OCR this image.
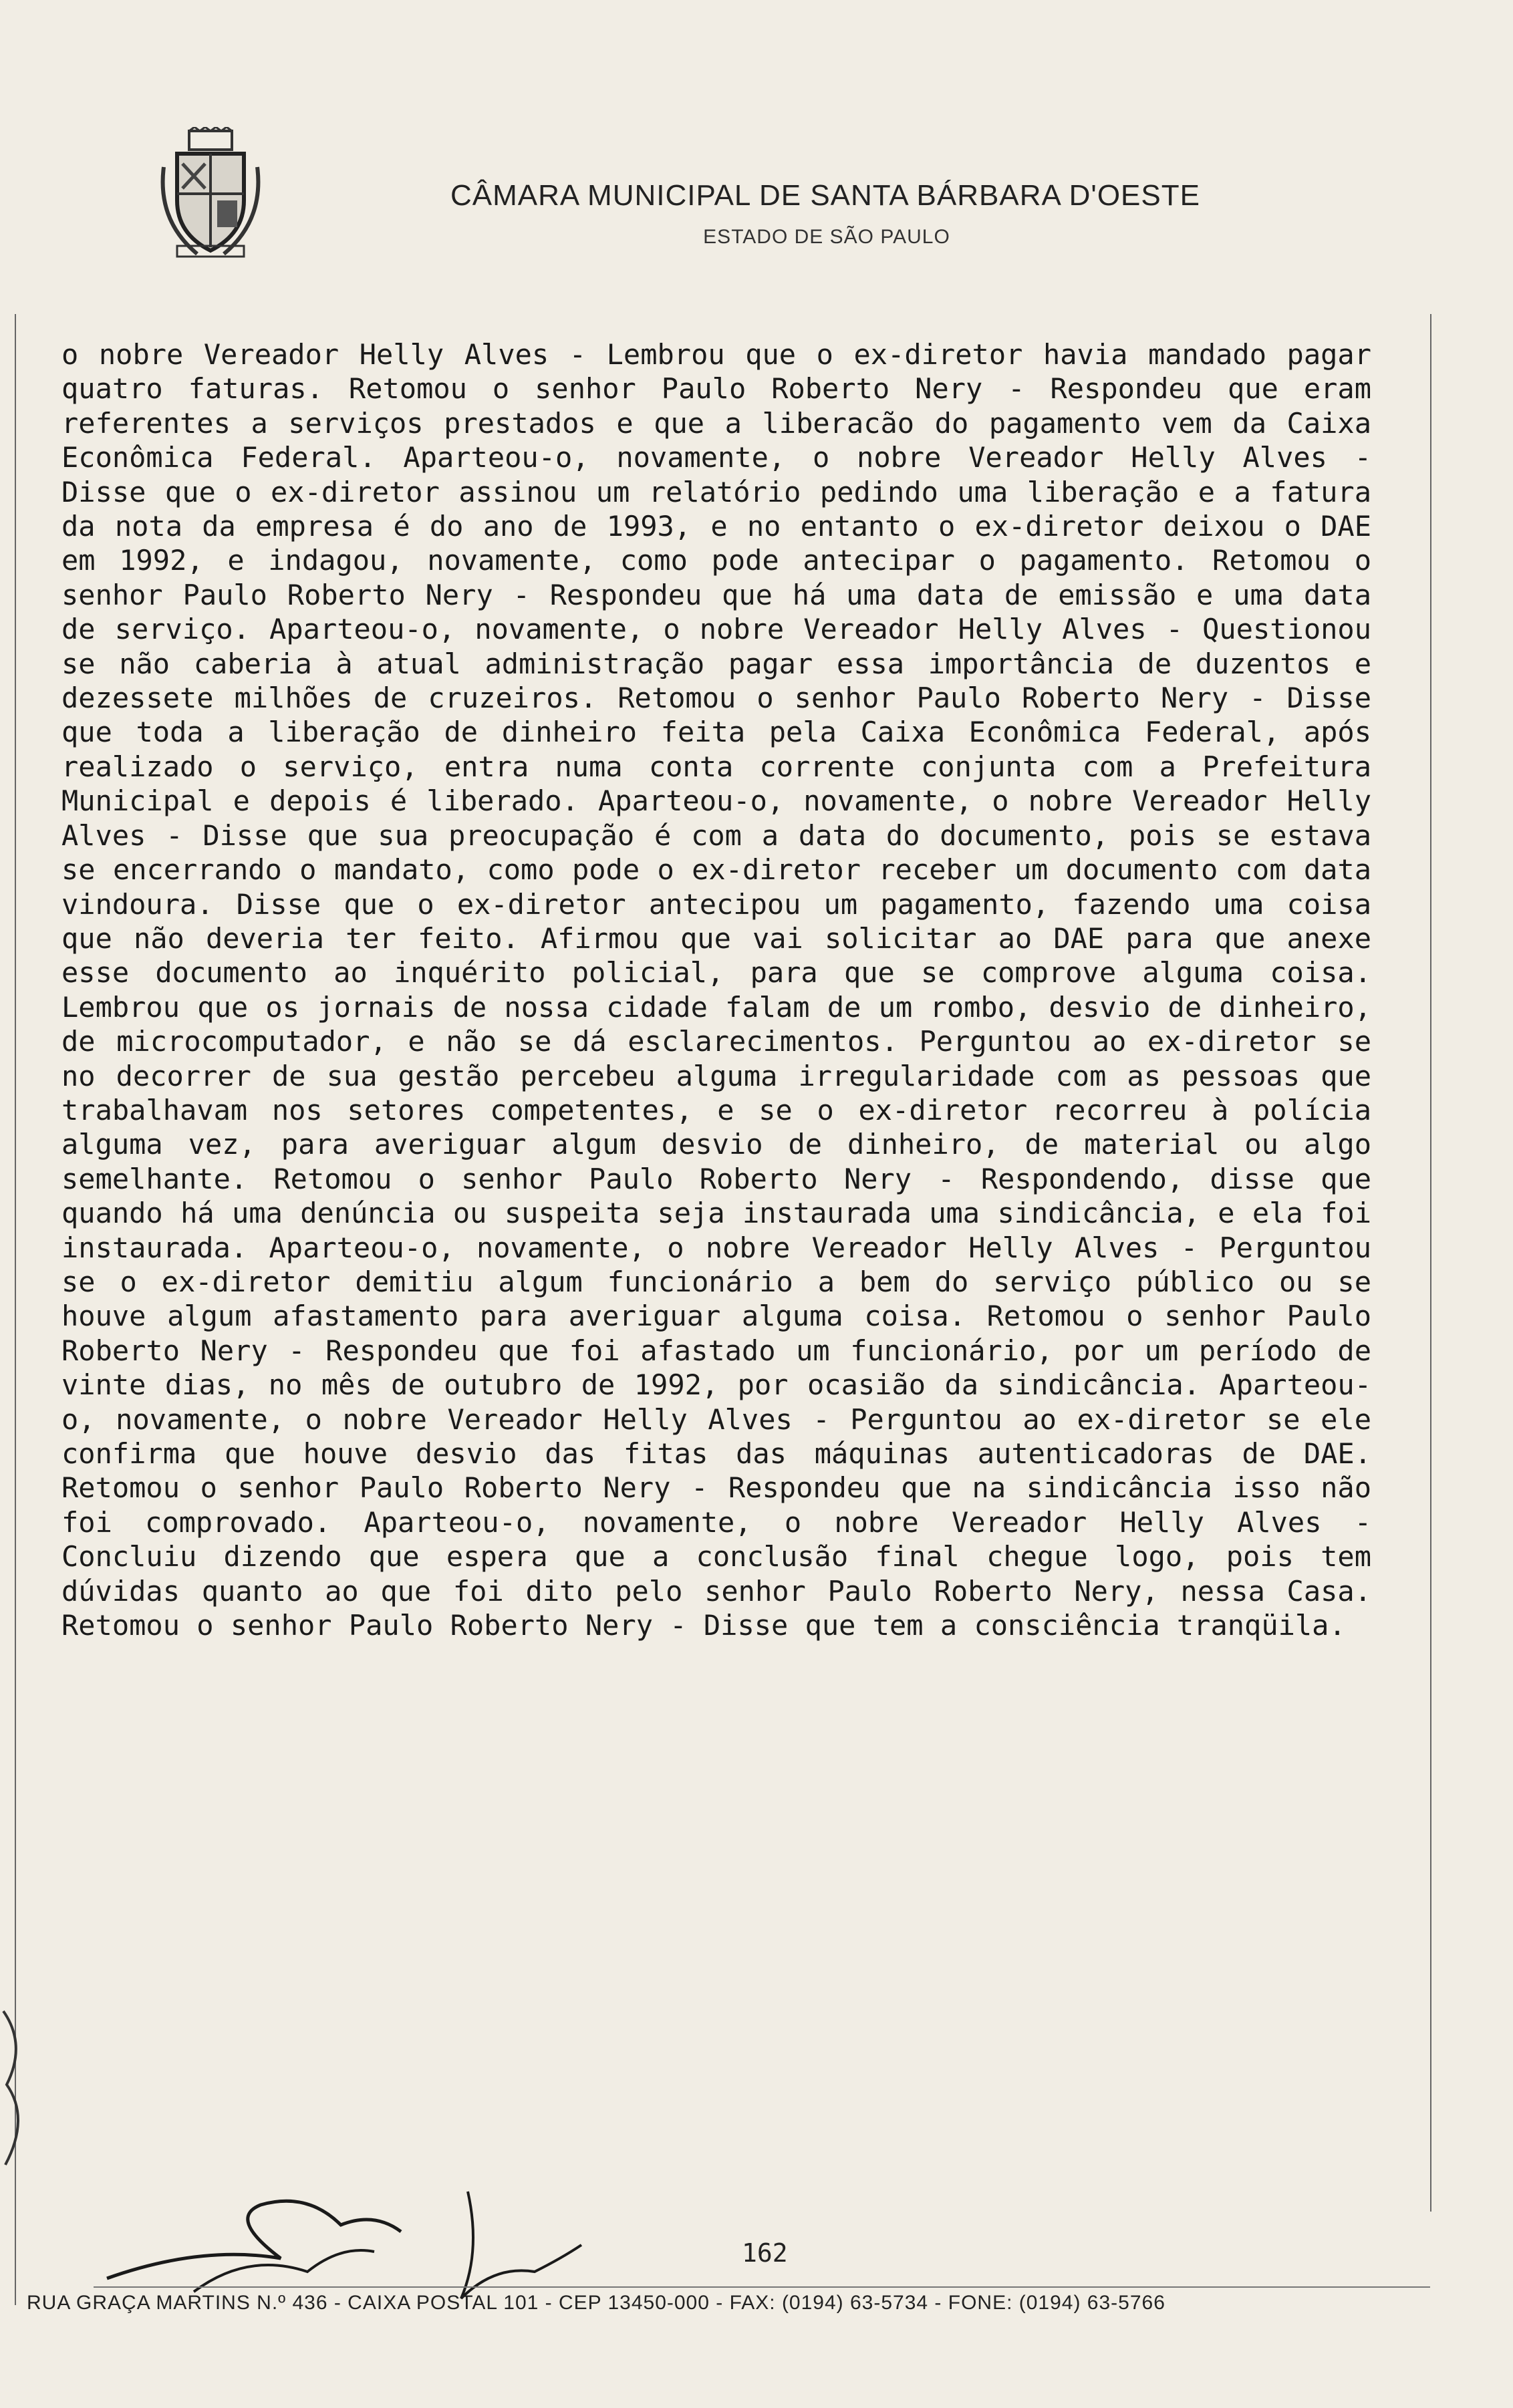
CÂMARA MUNICIPAL DE SANTA BÁRBARA D'OESTE
ESTADO DE SÃO PAULO

o nobre Vereador Helly Alves - Lembrou que o ex-diretor havia mandado pagar quatro faturas. Retomou o senhor Paulo Roberto Nery - Respondeu que eram referentes a serviços prestados e que a liberacão do pagamento vem da Caixa Econômica Federal. Aparteou-o, novamente, o nobre Vereador Helly Alves - Disse que o ex-diretor assinou um relatório pedindo uma liberação e a fatura da nota da empresa é do ano de 1993, e no entanto o ex-diretor deixou o DAE em 1992, e indagou, novamente, como pode antecipar o pagamento. Retomou o senhor Paulo Roberto Nery - Respondeu que há uma data de emissão e uma data de serviço. Aparteou-o, novamente, o nobre Vereador Helly Alves - Questionou se não caberia à atual administração pagar essa importância de duzentos e dezessete milhões de cruzeiros. Retomou o senhor Paulo Roberto Nery - Disse que toda a liberação de dinheiro feita pela Caixa Econômica Federal, após realizado o serviço, entra numa conta corrente conjunta com a Prefeitura Municipal e depois é liberado. Aparteou-o, novamente, o nobre Vereador Helly Alves - Disse que sua preocupação é com a data do documento, pois se estava se encerrando o mandato, como pode o ex-diretor receber um documento com data vindoura. Disse que o ex-diretor antecipou um pagamento, fazendo uma coisa que não deveria ter feito. Afirmou que vai solicitar ao DAE para que anexe esse documento ao inquérito policial, para que se comprove alguma coisa. Lembrou que os jornais de nossa cidade falam de um rombo, desvio de dinheiro, de microcomputador, e não se dá esclarecimentos. Perguntou ao ex-diretor se no decorrer de sua gestão percebeu alguma irregularidade com as pessoas que trabalhavam nos setores competentes, e se o ex-diretor recorreu à polícia alguma vez, para averiguar algum desvio de dinheiro, de material ou algo semelhante. Retomou o senhor Paulo Roberto Nery - Respondendo, disse que quando há uma denúncia ou suspeita seja instaurada uma sindicância, e ela foi instaurada. Aparteou-o, novamente, o nobre Vereador Helly Alves - Perguntou se o ex-diretor demitiu algum funcionário a bem do serviço público ou se houve algum afastamento para averiguar alguma coisa. Retomou o senhor Paulo Roberto Nery - Respondeu que foi afastado um funcionário, por um período de vinte dias, no mês de outubro de 1992, por ocasião da sindicância. Aparteou-o, novamente, o nobre Vereador Helly Alves - Perguntou ao ex-diretor se ele confirma que houve desvio das fitas das máquinas autenticadoras de DAE. Retomou o senhor Paulo Roberto Nery - Respondeu que na sindicância isso não foi comprovado. Aparteou-o, novamente, o nobre Vereador Helly Alves - Concluiu dizendo que espera que a conclusão final chegue logo, pois tem dúvidas quanto ao que foi dito pelo senhor Paulo Roberto Nery, nessa Casa. Retomou o senhor Paulo Roberto Nery - Disse que tem a consciência tranqüila.

162
RUA GRAÇA MARTINS N.º 436 - CAIXA POSTAL 101 - CEP 13450-000 - FAX: (0194) 63-5734 - FONE: (0194) 63-5766
